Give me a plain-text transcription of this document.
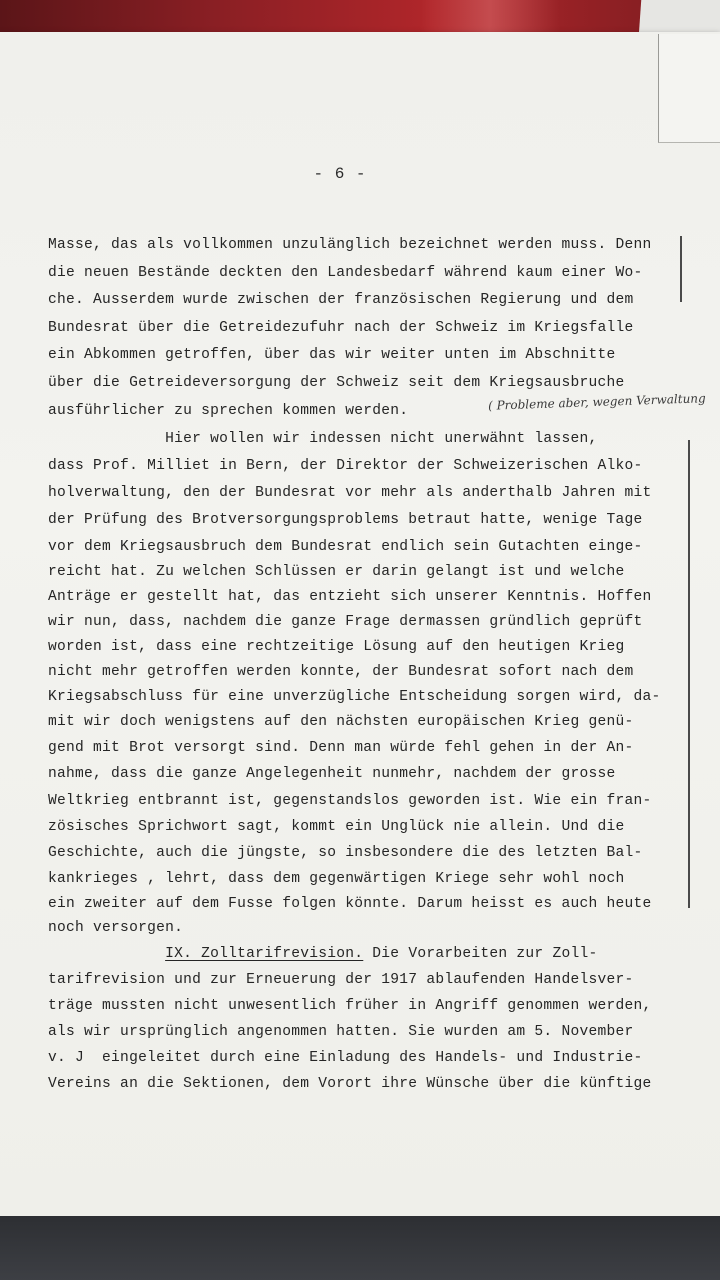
- 6 -
Masse, das als vollkommen unzulänglich bezeichnet werden muss. Denn
die neuen Bestände deckten den Landesbedarf während kaum einer Wo-
che. Ausserdem wurde zwischen der französischen Regierung und dem
Bundesrat über die Getreidezufuhr nach der Schweiz im Kriegsfalle
ein Abkommen getroffen, über das wir weiter unten im Abschnitte
über die Getreideversorgung der Schweiz seit dem Kriegsausbruche
ausführlicher zu sprechen kommen werden.
Hier wollen wir indessen nicht unerwähnt lassen,
dass Prof. Milliet in Bern, der Direktor der Schweizerischen Alko-
holverwaltung, den der Bundesrat vor mehr als anderthalb Jahren mit
der Prüfung des Brotversorgungsproblems betraut hatte, wenige Tage
vor dem Kriegsausbruch dem Bundesrat endlich sein Gutachten einge-
reicht hat. Zu welchen Schlüssen er darin gelangt ist und welche
Anträge er gestellt hat, das entzieht sich unserer Kenntnis. Hoffen
wir nun, dass, nachdem die ganze Frage dermassen gründlich geprüft
worden ist, dass eine rechtzeitige Lösung auf den heutigen Krieg
nicht mehr getroffen werden konnte, der Bundesrat sofort nach dem
Kriegsabschluss für eine unverzügliche Entscheidung sorgen wird, da-
mit wir doch wenigstens auf den nächsten europäischen Krieg genü-
gend mit Brot versorgt sind. Denn man würde fehl gehen in der An-
nahme, dass die ganze Angelegenheit nunmehr, nachdem der grosse
Weltkrieg entbrannt ist, gegenstandslos geworden ist. Wie ein fran-
zösisches Sprichwort sagt, kommt ein Unglück nie allein. Und die
Geschichte, auch die jüngste, so insbesondere die des letzten Bal-
kankrieges , lehrt, dass dem gegenwärtigen Kriege sehr wohl noch
ein zweiter auf dem Fusse folgen könnte. Darum heisst es auch heute
noch versorgen.
IX. Zolltarifrevision. Die Vorarbeiten zur Zoll-
tarifrevision und zur Erneuerung der 1917 ablaufenden Handelsver-
träge mussten nicht unwesentlich früher in Angriff genommen werden,
als wir ursprünglich angenommen hatten. Sie wurden am 5. November
v. J  eingeleitet durch eine Einladung des Handels- und Industrie-
Vereins an die Sektionen, dem Vorort ihre Wünsche über die künftige
( Probleme aber, wegen Verwaltung
